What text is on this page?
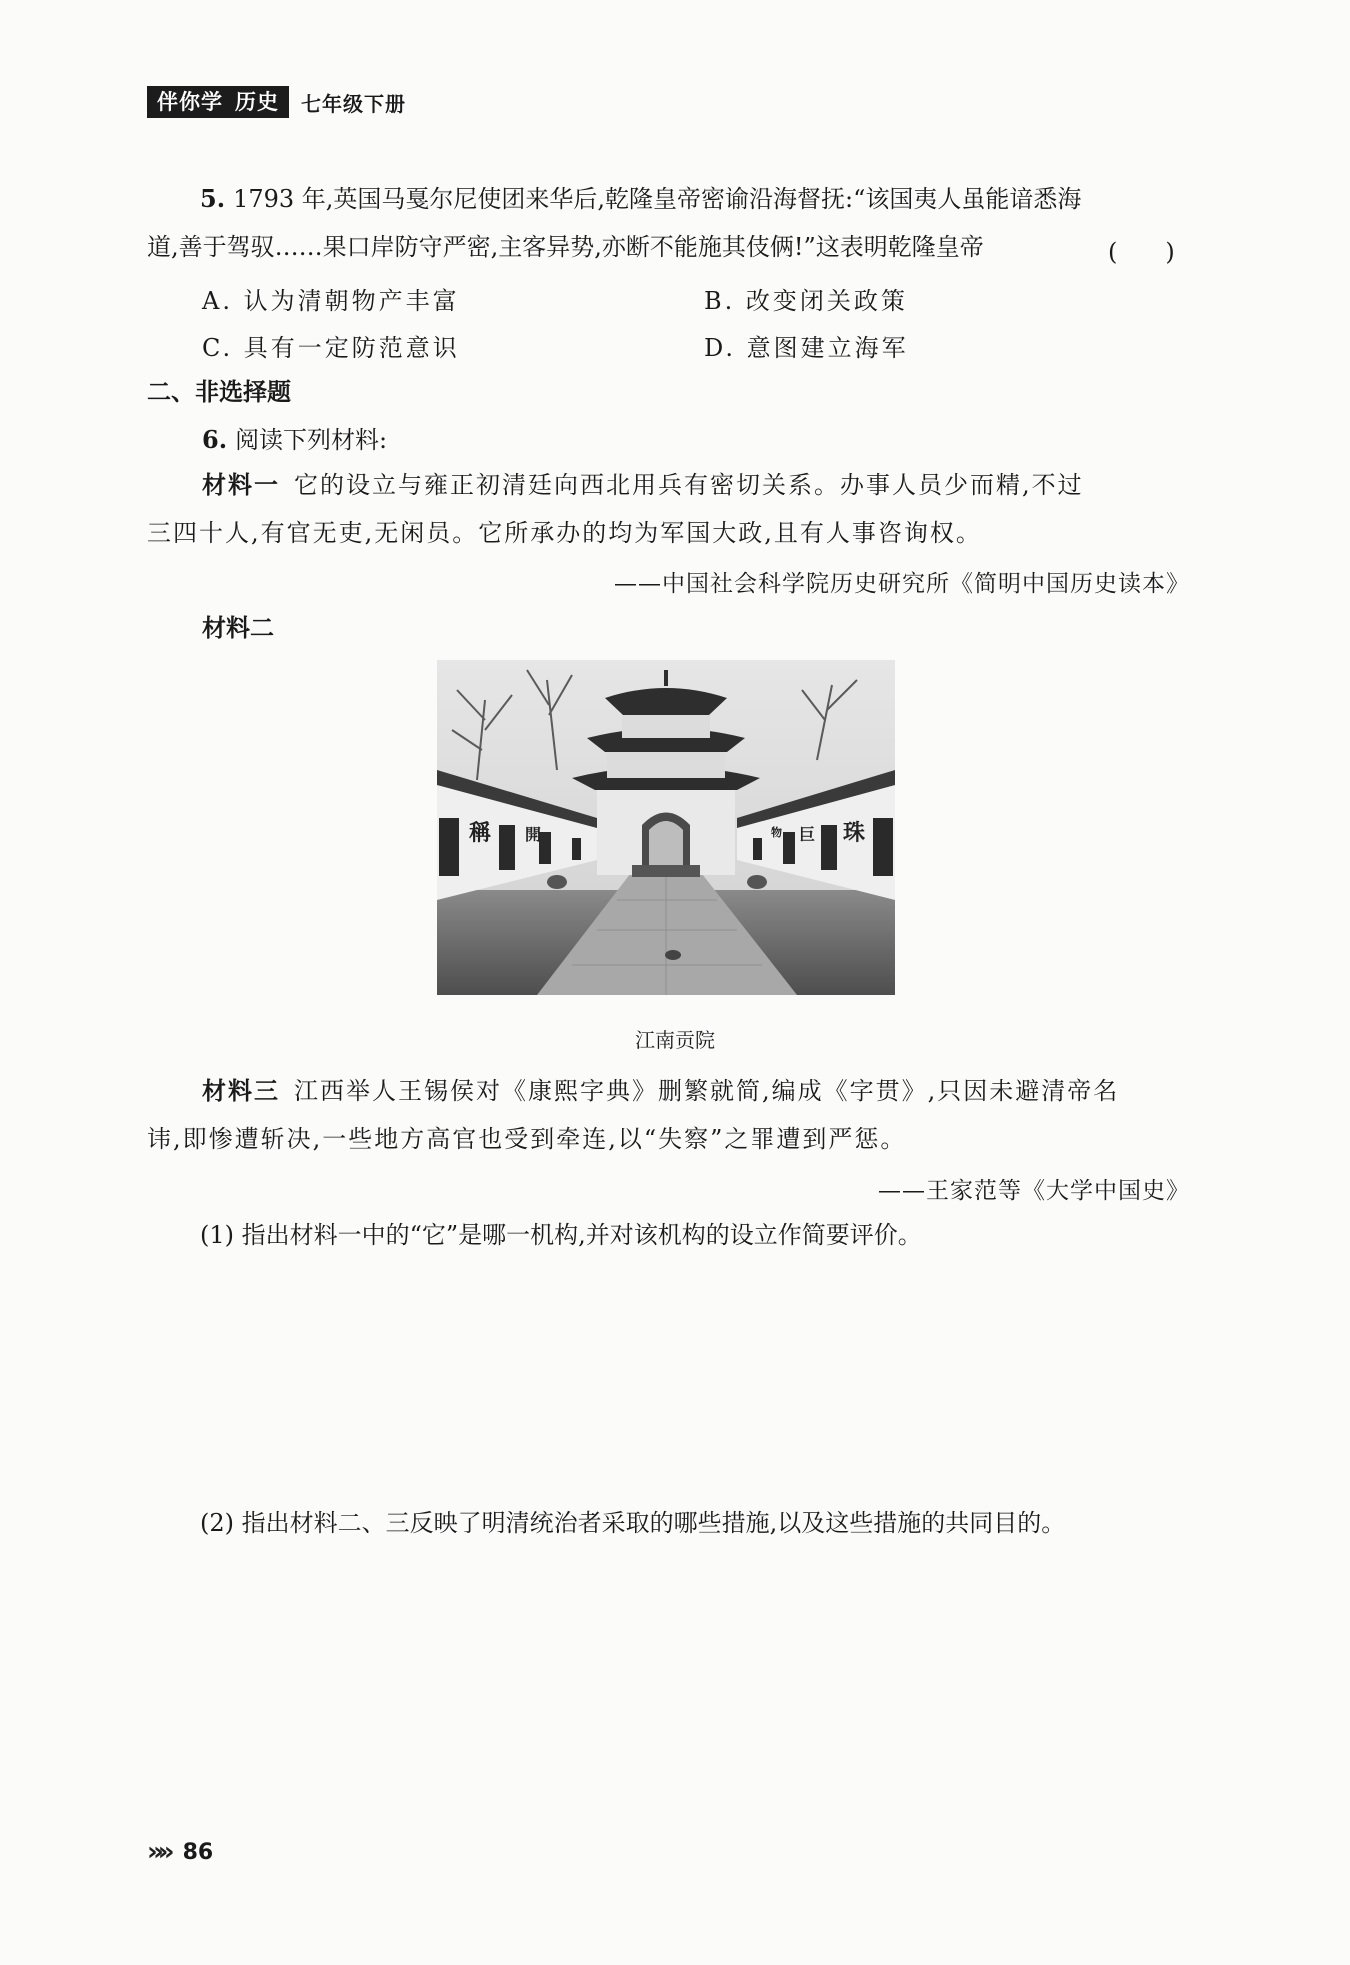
伴你学 历史	七年级下册
5. 1793 年,英国马戛尔尼使团来华后,乾隆皇帝密谕沿海督抚:“该国夷人虽能谙悉海
道,善于驾驭……果口岸防守严密,主客异势,亦断不能施其伎俩!”这表明乾隆皇帝	(　　)
A. 认为清朝物产丰富	B. 改变闭关政策
C. 具有一定防范意识	D. 意图建立海军
二、非选择题
6. 阅读下列材料:
材料一 它的设立与雍正初清廷向西北用兵有密切关系。办事人员少而精,不过
三四十人,有官无吏,无闲员。它所承办的均为军国大政,且有人事咨询权。
——中国社会科学院历史研究所《简明中国历史读本》
材料二
稱 開	物 巨 珠
江南贡院
材料三 江西举人王锡侯对《康熙字典》删繁就简,编成《字贯》,只因未避清帝名
讳,即惨遭斩决,一些地方高官也受到牵连,以“失察”之罪遭到严惩。
——王家范等《大学中国史》
(1) 指出材料一中的“它”是哪一机构,并对该机构的设立作简要评价。
(2) 指出材料二、三反映了明清统治者采取的哪些措施,以及这些措施的共同目的。
»» 86
